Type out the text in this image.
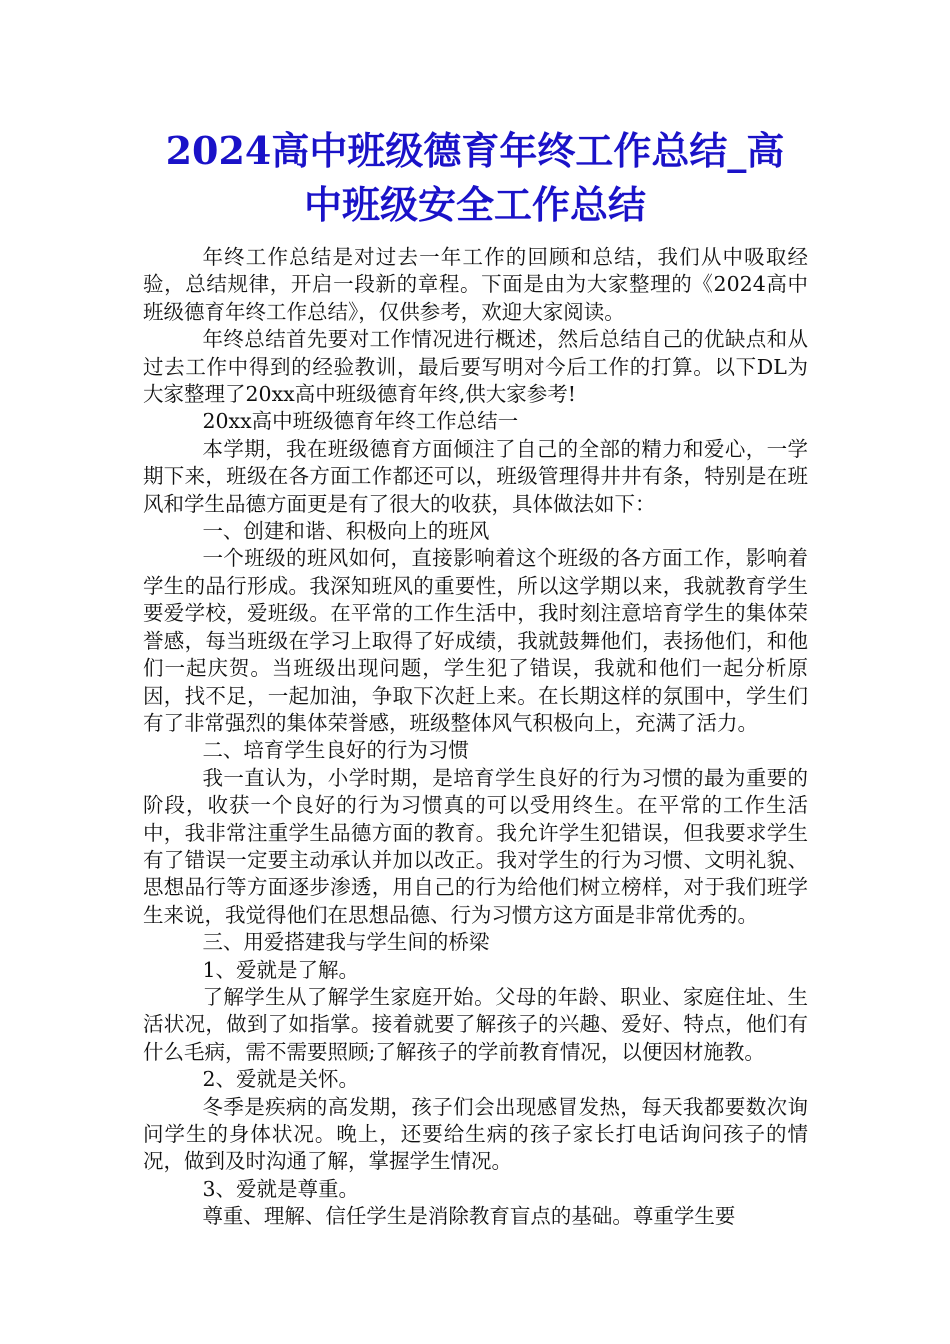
2024高中班级德育年终工作总结_高
中班级安全工作总结

年终工作总结是对过去一年工作的回顾和总结，我们从中吸取经验，总结规律，开启一段新的章程。下面是由为大家整理的《2024高中班级德育年终工作总结》，仅供参考，欢迎大家阅读。

年终总结首先要对工作情况进行概述，然后总结自己的优缺点和从过去工作中得到的经验教训，最后要写明对今后工作的打算。以下DL为大家整理了20xx高中班级德育年终,供大家参考!

20xx高中班级德育年终工作总结一

本学期，我在班级德育方面倾注了自己的全部的精力和爱心，一学期下来，班级在各方面工作都还可以，班级管理得井井有条，特别是在班风和学生品德方面更是有了很大的收获，具体做法如下：

一、创建和谐、积极向上的班风

一个班级的班风如何，直接影响着这个班级的各方面工作，影响着学生的品行形成。我深知班风的重要性，所以这学期以来，我就教育学生要爱学校，爱班级。在平常的工作生活中，我时刻注意培育学生的集体荣誉感，每当班级在学习上取得了好成绩，我就鼓舞他们，表扬他们，和他们一起庆贺。当班级出现问题，学生犯了错误，我就和他们一起分析原因，找不足，一起加油，争取下次赶上来。在长期这样的氛围中，学生们有了非常强烈的集体荣誉感，班级整体风气积极向上，充满了活力。

二、培育学生良好的行为习惯

我一直认为，小学时期，是培育学生良好的行为习惯的最为重要的阶段，收获一个良好的行为习惯真的可以受用终生。在平常的工作生活中，我非常注重学生品德方面的教育。我允许学生犯错误，但我要求学生有了错误一定要主动承认并加以改正。我对学生的行为习惯、文明礼貌、思想品行等方面逐步渗透，用自己的行为给他们树立榜样，对于我们班学生来说，我觉得他们在思想品德、行为习惯方这方面是非常优秀的。

三、用爱搭建我与学生间的桥梁

1、爱就是了解。

了解学生从了解学生家庭开始。父母的年龄、职业、家庭住址、生活状况，做到了如指掌。接着就要了解孩子的兴趣、爱好、特点，他们有什么毛病，需不需要照顾;了解孩子的学前教育情况，以便因材施教。

2、爱就是关怀。

冬季是疾病的高发期，孩子们会出现感冒发热，每天我都要数次询问学生的身体状况。晚上，还要给生病的孩子家长打电话询问孩子的情况，做到及时沟通了解，掌握学生情况。

3、爱就是尊重。

尊重、理解、信任学生是消除教育盲点的基础。尊重学生要
